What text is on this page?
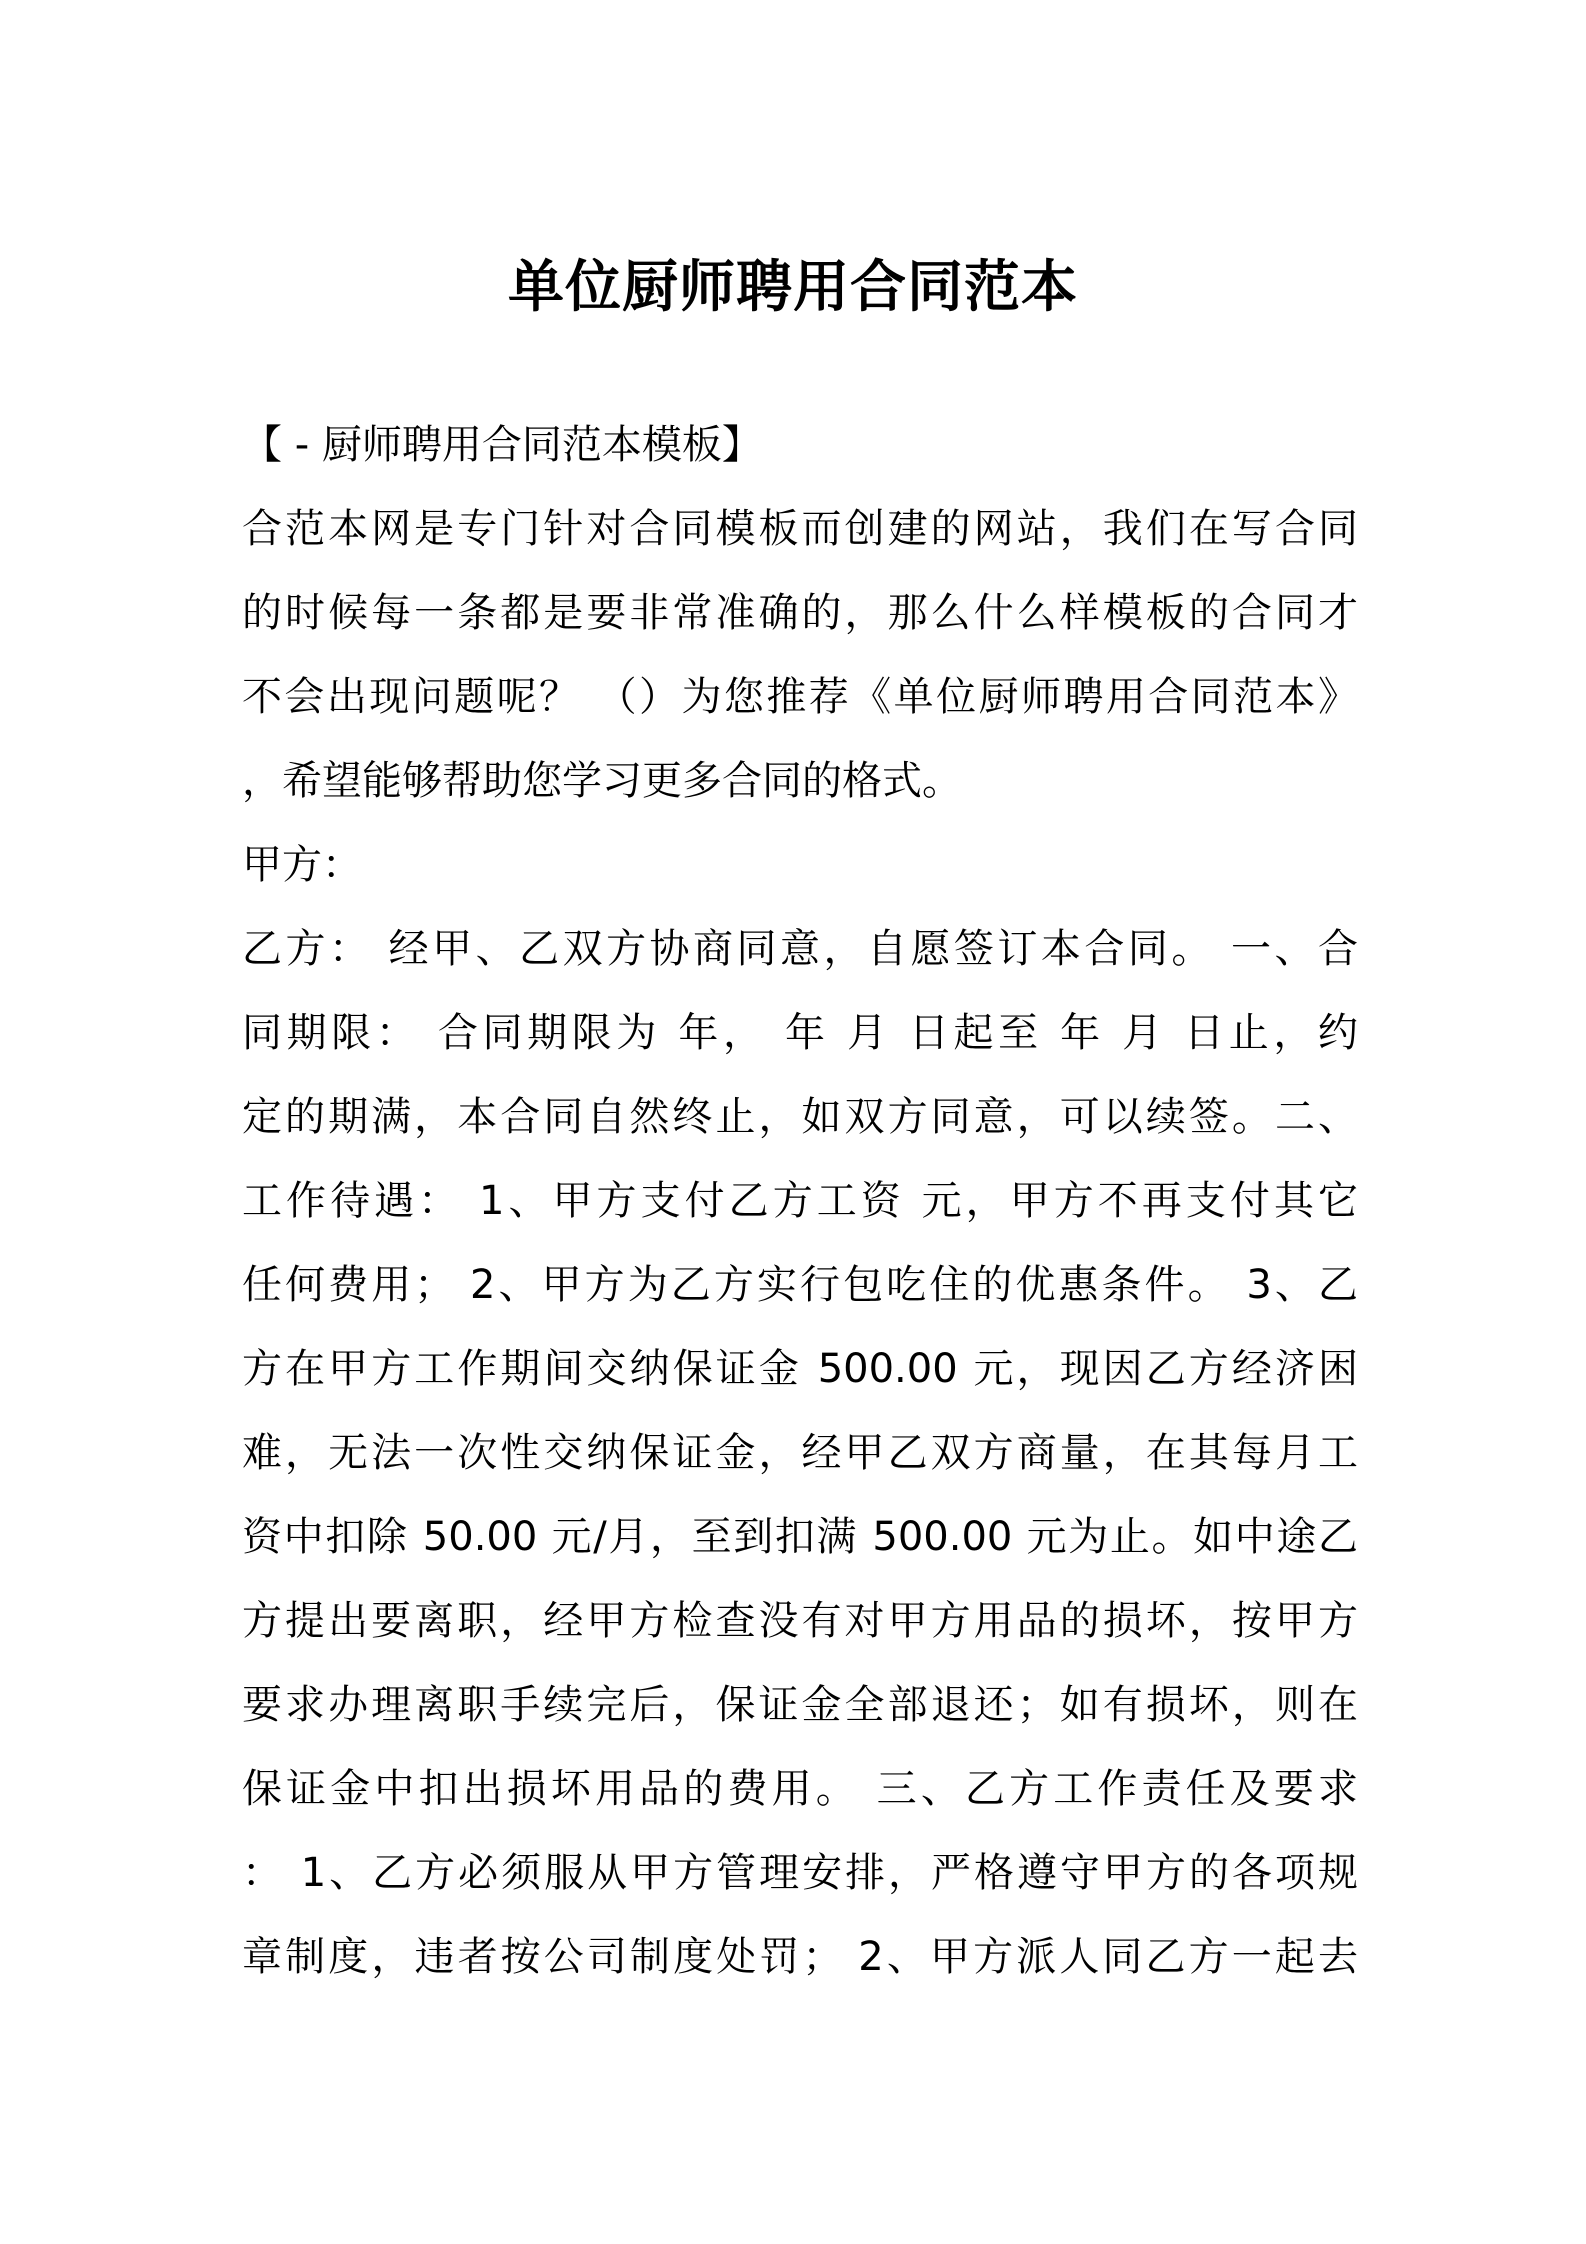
单位厨师聘用合同范本
【 - 厨师聘用合同范本模板】
合范本网是专门针对合同模板而创建的网站，我们在写合同
的时候每一条都是要非常准确的，那么什么样模板的合同才
不会出现问题呢？ （）为您推荐《单位厨师聘用合同范本》
，希望能够帮助您学习更多合同的格式。
甲方：
乙方： 经甲、乙双方协商同意，自愿签订本合同。 一、合
同期限： 合同期限为 年， 年 月 日起至 年 月 日止，约
定的期满，本合同自然终止，如双方同意，可以续签。二、
工作待遇： 1、甲方支付乙方工资 元，甲方不再支付其它
任何费用； 2、甲方为乙方实行包吃住的优惠条件。 3、乙
方在甲方工作期间交纳保证金 500.00 元，现因乙方经济困
难，无法一次性交纳保证金，经甲乙双方商量，在其每月工
资中扣除 50.00 元/月，至到扣满 500.00 元为止。如中途乙
方提出要离职，经甲方检查没有对甲方用品的损坏，按甲方
要求办理离职手续完后，保证金全部退还；如有损坏，则在
保证金中扣出损坏用品的费用。 三、乙方工作责任及要求
： 1、乙方必须服从甲方管理安排，严格遵守甲方的各项规
章制度，违者按公司制度处罚； 2、甲方派人同乙方一起去
